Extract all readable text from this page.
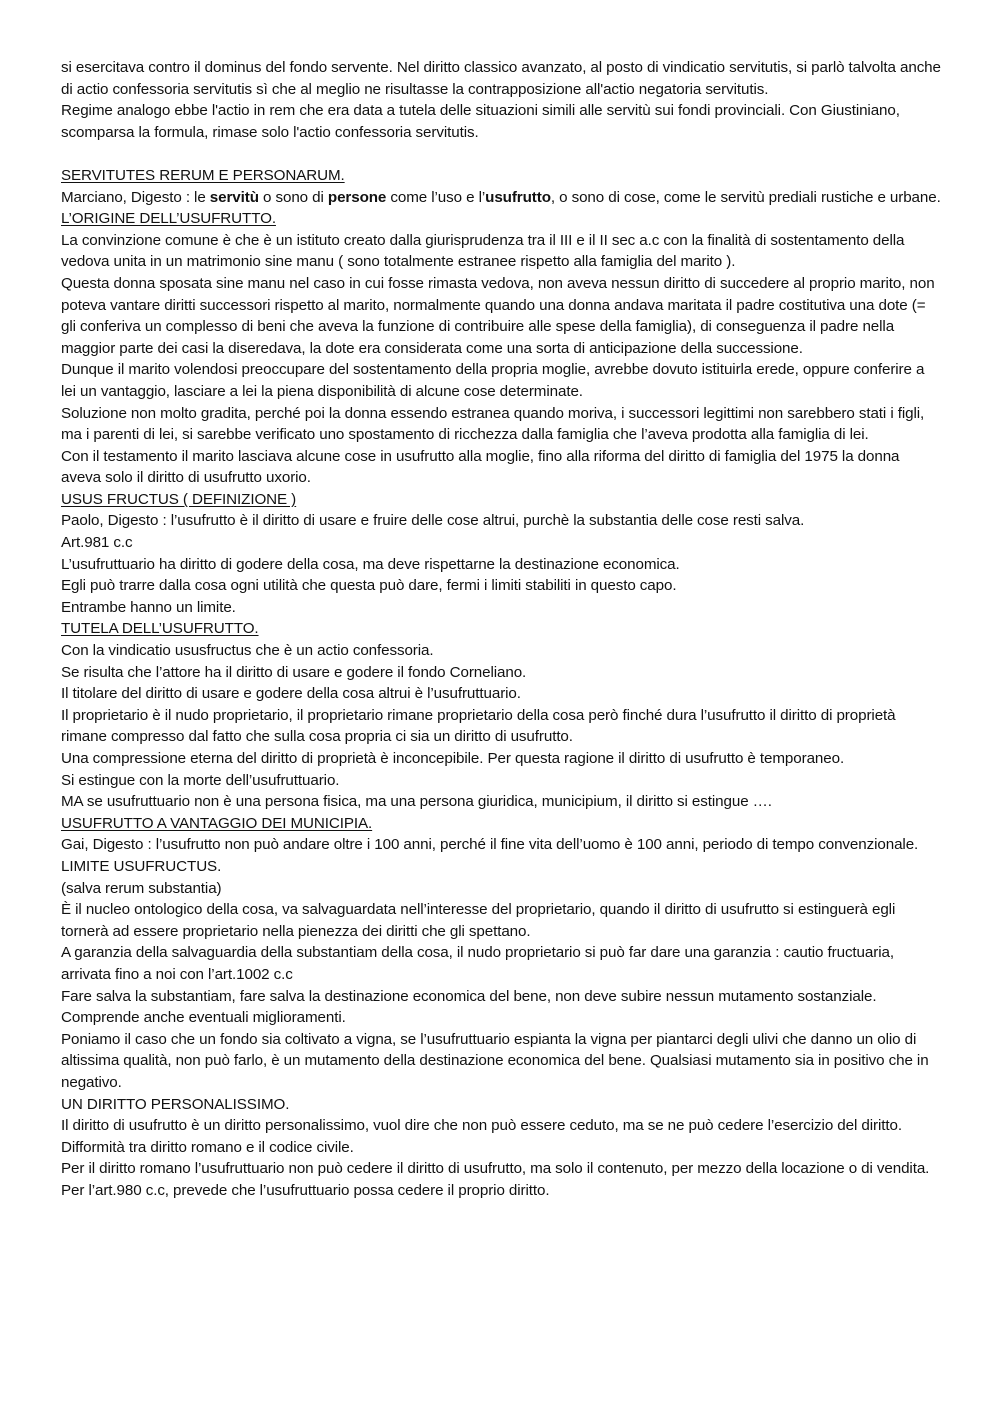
si esercitava contro il dominus del fondo servente. Nel diritto classico avanzato, al posto di vindicatio servitutis, si parlò talvolta anche di actio confessoria servitutis sì che al meglio ne risultasse la contrapposizione all'actio negatoria servitutis.

Regime analogo ebbe l'actio in rem che era data a tutela delle situazioni simili alle servitù sui fondi provinciali. Con Giustiniano, scomparsa la formula, rimase solo l'actio confessoria servitutis.

SERVITUTES RERUM E PERSONARUM.

Marciano, Digesto : le servitù o sono di persone come l’uso e l’usufrutto, o sono di cose, come le servitù prediali rustiche e urbane.

L’ORIGINE DELL’USUFRUTTO.

La convinzione comune è che è un istituto creato dalla giurisprudenza tra il III e il II sec a.c con la finalità di sostentamento della vedova unita in un matrimonio sine manu ( sono totalmente estranee rispetto alla famiglia del marito ).

Questa donna sposata sine manu nel caso in cui fosse rimasta vedova, non aveva nessun diritto di succedere al proprio marito, non poteva vantare diritti successori rispetto al marito, normalmente quando una donna andava maritata il padre costitutiva una dote (= gli conferiva un complesso di beni che aveva la funzione di contribuire alle spese della famiglia), di conseguenza il padre nella maggior parte dei casi la diseredava, la dote era considerata come una sorta di anticipazione della successione.

Dunque il marito volendosi preoccupare del sostentamento della propria moglie, avrebbe dovuto istituirla erede, oppure conferire a lei un vantaggio, lasciare a lei la piena disponibilità di alcune cose determinate.

Soluzione non molto gradita, perché poi la donna essendo estranea quando moriva, i successori legittimi non sarebbero stati i figli, ma i parenti di lei, si sarebbe verificato uno spostamento di ricchezza dalla famiglia che l’aveva prodotta alla famiglia di lei.

Con il testamento il marito lasciava alcune cose in usufrutto alla moglie, fino alla riforma del diritto di famiglia del 1975 la donna aveva solo il diritto di usufrutto uxorio.

USUS FRUCTUS ( DEFINIZIONE )

Paolo, Digesto : l’usufrutto è il diritto di usare e fruire delle cose altrui, purchè la substantia delle cose resti salva.

Art.981 c.c

L’usufruttuario ha diritto di godere della cosa, ma deve rispettarne la destinazione economica.

Egli può trarre dalla cosa ogni utilità che questa può dare, fermi i limiti stabiliti in questo capo.

Entrambe hanno un limite.

TUTELA DELL’USUFRUTTO.

Con la vindicatio ususfructus che è un actio confessoria.

Se risulta che l’attore ha il diritto di usare e godere il fondo Corneliano.

Il titolare del diritto di usare e godere della cosa altrui è l’usufruttuario.

Il proprietario è il nudo proprietario, il proprietario rimane proprietario della cosa però finché dura l’usufrutto il diritto di proprietà rimane compresso dal fatto che sulla cosa propria ci sia un diritto di usufrutto.

Una compressione eterna del diritto di proprietà è inconcepibile. Per questa ragione il diritto di usufrutto è temporaneo.

Si estingue con la morte dell’usufruttuario.

MA se usufruttuario non è una persona fisica, ma una persona giuridica, municipium, il diritto si estingue ….

USUFRUTTO A VANTAGGIO DEI MUNICIPIA.

Gai, Digesto : l’usufrutto non può andare oltre i 100 anni, perché il fine vita dell’uomo è 100 anni, periodo di tempo convenzionale.

LIMITE USUFRUCTUS.

(salva rerum substantia)

È il nucleo ontologico della cosa, va salvaguardata nell’interesse del proprietario, quando il diritto di usufrutto si estinguerà egli tornerà ad essere proprietario nella pienezza dei diritti che gli spettano.

A garanzia della salvaguardia della substantiam della cosa, il nudo proprietario si può far dare una garanzia : cautio fructuaria, arrivata fino a noi con l’art.1002 c.c

Fare salva la substantiam, fare salva la destinazione economica del bene, non deve subire nessun mutamento sostanziale.

Comprende anche eventuali miglioramenti.

Poniamo il caso che un fondo sia coltivato a vigna, se l’usufruttuario espianta la vigna per piantarci degli ulivi che danno un olio di altissima qualità, non può farlo, è un mutamento della destinazione economica del bene. Qualsiasi mutamento sia in positivo che in negativo.

UN DIRITTO PERSONALISSIMO.

Il diritto di usufrutto è un diritto personalissimo, vuol dire che non può essere ceduto, ma se ne può cedere l’esercizio del diritto.

Difformità tra diritto romano e il codice civile.

Per il diritto romano l’usufruttuario non può cedere il diritto di usufrutto, ma solo il contenuto, per mezzo della locazione o di vendita.

Per l’art.980 c.c, prevede che l’usufruttuario possa cedere il proprio diritto.
